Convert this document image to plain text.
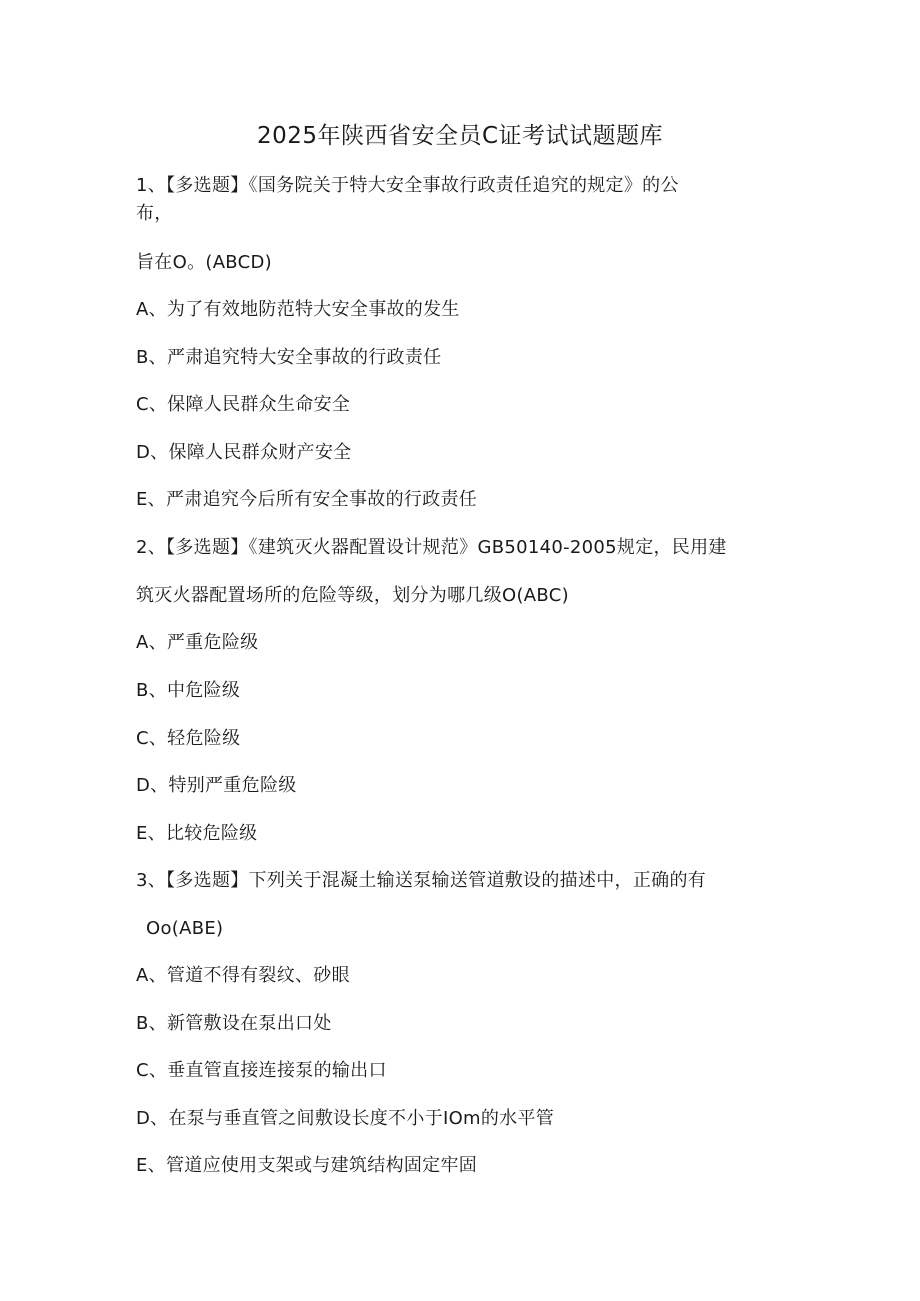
2025年陕西省安全员C证考试试题题库
1、【多选题】《国务院关于特大安全事故行政责任追究的规定》的公
布，
旨在O。(ABCD)
A、为了有效地防范特大安全事故的发生
B、严肃追究特大安全事故的行政责任
C、保障人民群众生命安全
D、保障人民群众财产安全
E、严肃追究今后所有安全事故的行政责任
2、【多选题】《建筑灭火器配置设计规范》GB50140-2005规定，民用建
筑灭火器配置场所的危险等级，划分为哪几级O(ABC)
A、严重危险级
B、中危险级
C、轻危险级
D、特别严重危险级
E、比较危险级
3、【多选题】下列关于混凝土输送泵输送管道敷设的描述中，正确的有
Oo(ABE)
A、管道不得有裂纹、砂眼
B、新管敷设在泵出口处
C、垂直管直接连接泵的输出口
D、在泵与垂直管之间敷设长度不小于IOm的水平管
E、管道应使用支架或与建筑结构固定牢固
